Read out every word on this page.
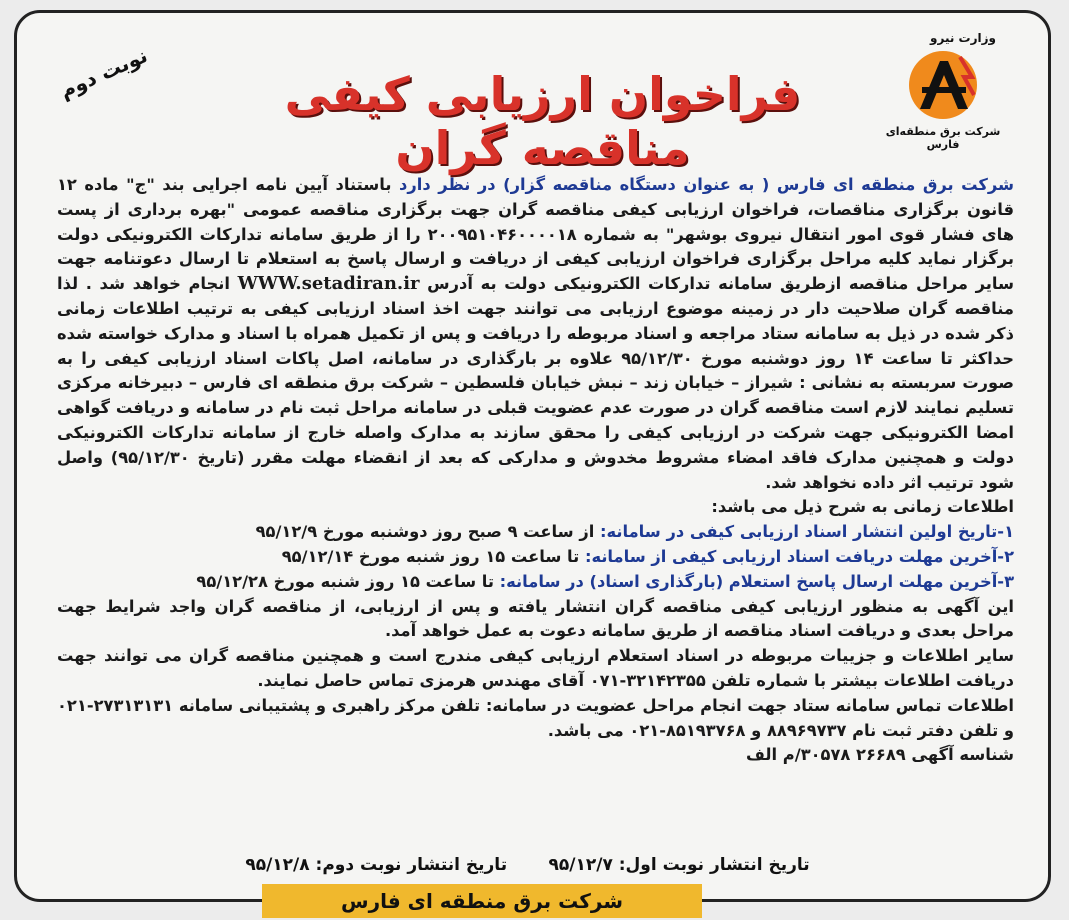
وزارت نیرو
شرکت برق منطقه‌ای فارس
فراخوان ارزیابی کیفی مناقصه گران
نوبت دوم

شرکت برق منطقه ای فارس ( به عنوان دستگاه مناقصه گزار) در نظر دارد باستناد آیین نامه اجرایی بند "ج" ماده ۱۲ قانون برگزاری مناقصات، فراخوان ارزیابی کیفی مناقصه گران جهت برگزاری مناقصه عمومی "بهره برداری از پست های فشار قوی امور انتقال نیروی بوشهر" به شماره ۲۰۰۹۵۱۰۴۶۰۰۰۰۱۸ را از طریق سامانه تدارکات الکترونیکی دولت برگزار نماید کلیه مراحل برگزاری فراخوان ارزیابی کیفی از دریافت و ارسال پاسخ به استعلام تا ارسال دعوتنامه جهت سایر مراحل مناقصه ازطریق سامانه تدارکات الکترونیکی دولت به آدرس WWW.setadiran.ir انجام خواهد شد . لذا مناقصه گران صلاحیت دار در زمینه موضوع ارزیابی می توانند جهت اخذ اسناد ارزیابی کیفی به ترتیب اطلاعات زمانی ذکر شده در ذیل به سامانه ستاد مراجعه و اسناد مربوطه را دریافت و پس از تکمیل همراه با اسناد و مدارک خواسته شده حداکثر تا ساعت ۱۴ روز دوشنبه مورخ ۹۵/۱۲/۳۰ علاوه بر بارگذاری در سامانه، اصل پاکات اسناد ارزیابی کیفی را به صورت سربسته به نشانی : شیراز – خیابان زند – نبش خیابان فلسطین – شرکت برق منطقه ای فارس – دبیرخانه مرکزی تسلیم نمایند لازم است مناقصه گران در صورت عدم عضویت قبلی در سامانه مراحل ثبت نام در سامانه و دریافت گواهی امضا الکترونیکی جهت شرکت در ارزیابی کیفی را محقق سازند به مدارک واصله خارج از سامانه تدارکات الکترونیکی دولت و همچنین مدارک فاقد امضاء مشروط مخدوش و مدارکی که بعد از انقضاء مهلت مقرر (تاریخ ۹۵/۱۲/۳۰) واصل شود ترتیب اثر داده نخواهد شد.

اطلاعات زمانی به شرح ذیل می باشد:

۱-تاریخ اولین انتشار اسناد ارزیابی کیفی در سامانه: از ساعت ۹ صبح روز دوشنبه مورخ ۹۵/۱۲/۹

۲-آخرین مهلت دریافت اسناد ارزیابی کیفی از سامانه: تا ساعت ۱۵ روز شنبه مورخ ۹۵/۱۲/۱۴

۳-آخرین مهلت ارسال پاسخ استعلام (بارگذاری اسناد) در سامانه: تا ساعت ۱۵ روز شنبه مورخ ۹۵/۱۲/۲۸

این آگهی به منظور ارزیابی کیفی مناقصه گران انتشار یافته و پس از ارزیابی، از مناقصه گران واجد شرایط جهت مراحل بعدی و دریافت اسناد مناقصه از طریق سامانه دعوت به عمل خواهد آمد.

سایر اطلاعات و جزییات مربوطه در اسناد استعلام ارزیابی کیفی مندرج است و همچنین مناقصه گران می توانند جهت دریافت اطلاعات بیشتر با شماره تلفن ۳۲۱۴۲۳۵۵-۰۷۱ آقای مهندس هرمزی تماس حاصل نمایند.

اطلاعات تماس سامانه ستاد جهت انجام مراحل عضویت در سامانه: تلفن مرکز راهبری و پشتیبانی سامانه ۲۷۳۱۳۱۳۱-۰۲۱ و تلفن دفتر ثبت نام ۸۸۹۶۹۷۳۷ و ۸۵۱۹۳۷۶۸-۰۲۱ می باشد.

شناسه آگهی ۲۶۶۸۹ ۳۰۵۷۸/م الف

تاریخ انتشار نوبت اول: ۹۵/۱۲/۷       تاریخ انتشار نوبت دوم: ۹۵/۱۲/۸
شرکت برق منطقه ای فارس
